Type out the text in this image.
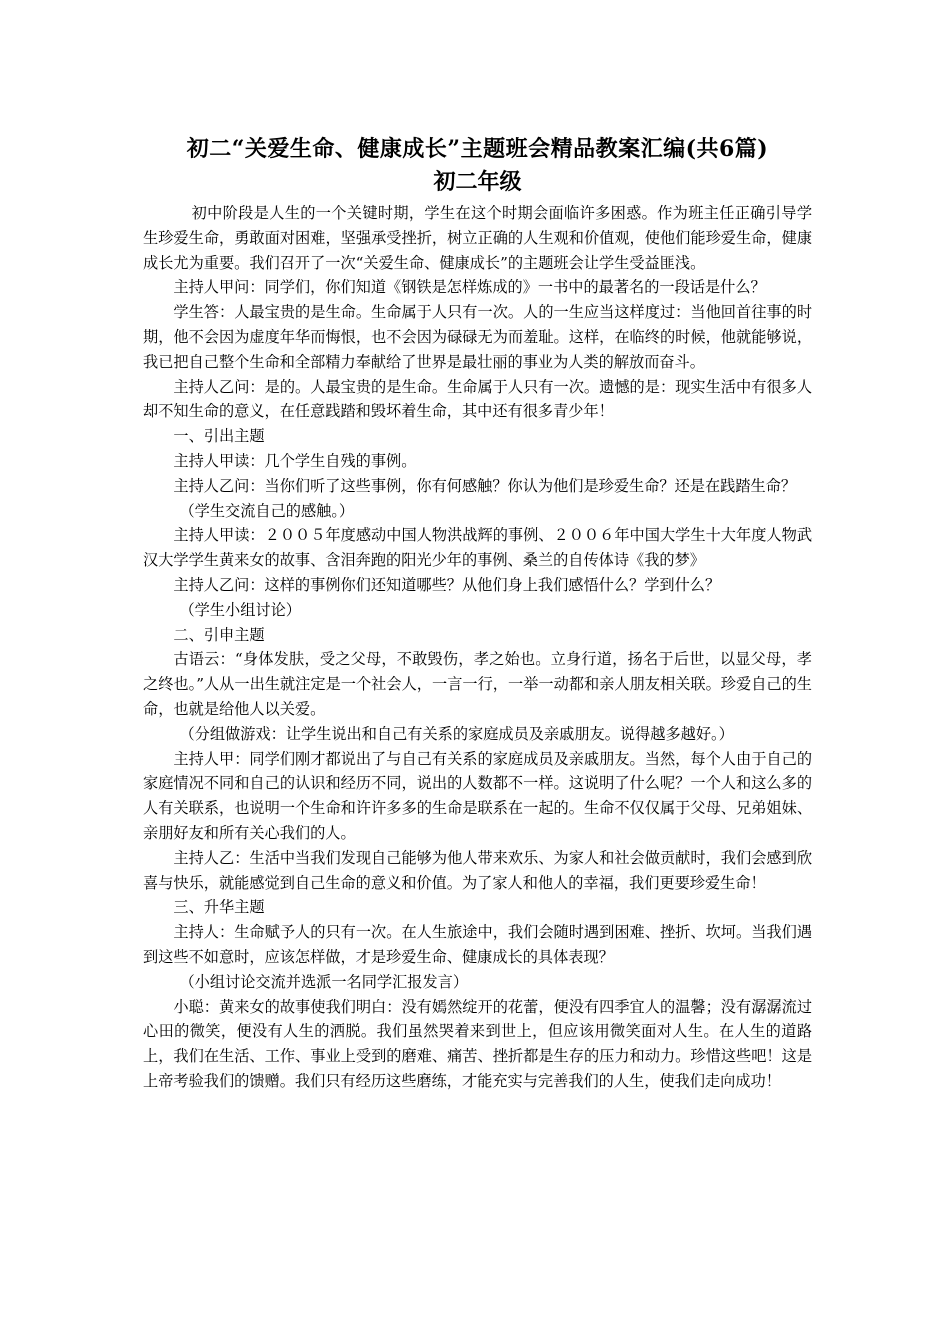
初二“关爱生命、健康成长”主题班会精品教案汇编(共6篇)
初二年级

初中阶段是人生的一个关键时期，学生在这个时期会面临许多困惑。作为班主任正确引导学生珍爱生命，勇敢面对困难，坚强承受挫折，树立正确的人生观和价值观，使他们能珍爱生命，健康成长尤为重要。我们召开了一次“关爱生命、健康成长”的主题班会让学生受益匪浅。

主持人甲问：同学们，你们知道《钢铁是怎样炼成的》一书中的最著名的一段话是什么？

学生答：人最宝贵的是生命。生命属于人只有一次。人的一生应当这样度过：当他回首往事的时期，他不会因为虚度年华而悔恨，也不会因为碌碌无为而羞耻。这样，在临终的时候，他就能够说，我已把自己整个生命和全部精力奉献给了世界是最壮丽的事业为人类的解放而奋斗。

主持人乙问：是的。人最宝贵的是生命。生命属于人只有一次。遗憾的是：现实生活中有很多人却不知生命的意义，在任意践踏和毁坏着生命，其中还有很多青少年！

一、引出主题

主持人甲读：几个学生自残的事例。

主持人乙问：当你们听了这些事例，你有何感触？你认为他们是珍爱生命？还是在践踏生命？

（学生交流自己的感触。）

主持人甲读：２００５年度感动中国人物洪战辉的事例、２００６年中国大学生十大年度人物武汉大学学生黄来女的故事、含泪奔跑的阳光少年的事例、桑兰的自传体诗《我的梦》

主持人乙问：这样的事例你们还知道哪些？从他们身上我们感悟什么？学到什么？

（学生小组讨论）

二、引申主题

古语云：“身体发肤，受之父母，不敢毁伤，孝之始也。立身行道，扬名于后世，以显父母，孝之终也。”人从一出生就注定是一个社会人，一言一行，一举一动都和亲人朋友相关联。珍爱自己的生命，也就是给他人以关爱。

（分组做游戏：让学生说出和自己有关系的家庭成员及亲戚朋友。说得越多越好。）

主持人甲：同学们刚才都说出了与自己有关系的家庭成员及亲戚朋友。当然，每个人由于自己的家庭情况不同和自己的认识和经历不同，说出的人数都不一样。这说明了什么呢？一个人和这么多的人有关联系，也说明一个生命和许许多多的生命是联系在一起的。生命不仅仅属于父母、兄弟姐妹、亲朋好友和所有关心我们的人。

主持人乙：生活中当我们发现自己能够为他人带来欢乐、为家人和社会做贡献时，我们会感到欣喜与快乐，就能感觉到自己生命的意义和价值。为了家人和他人的幸福，我们更要珍爱生命！

三、升华主题

主持人：生命赋予人的只有一次。在人生旅途中，我们会随时遇到困难、挫折、坎坷。当我们遇到这些不如意时，应该怎样做，才是珍爱生命、健康成长的具体表现？

（小组讨论交流并选派一名同学汇报发言）

小聪：黄来女的故事使我们明白：没有嫣然绽开的花蕾，便没有四季宜人的温馨；没有潺潺流过心田的微笑，便没有人生的洒脱。我们虽然哭着来到世上，但应该用微笑面对人生。在人生的道路上，我们在生活、工作、事业上受到的磨难、痛苦、挫折都是生存的压力和动力。珍惜这些吧！这是上帝考验我们的馈赠。我们只有经历这些磨练，才能充实与完善我们的人生，使我们走向成功！
